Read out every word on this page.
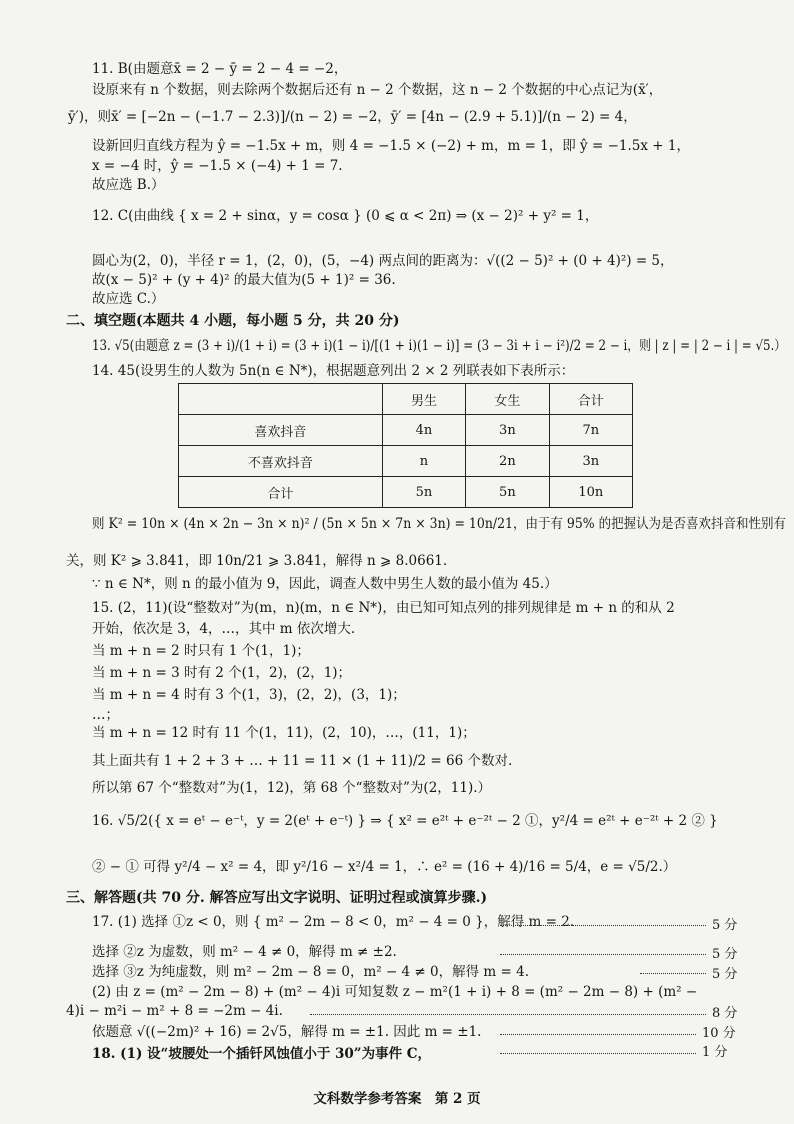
11. B(由题意x̄ = 2 − ȳ = 2 − 4 = −2，
设原来有 n 个数据，则去除两个数据后还有 n − 2 个数据，这 n − 2 个数据的中心点记为(x̄′，
ȳ′)，则x̄′ = [−2n − (−1.7 − 2.3)]/(n − 2) = −2，ȳ′ = [4n − (2.9 + 5.1)]/(n − 2) = 4，
设新回归直线方程为 ŷ = −1.5x + m，则 4 = −1.5 × (−2) + m，m = 1，即 ŷ = −1.5x + 1，
x = −4 时，ŷ = −1.5 × (−4) + 1 = 7.
故应选 B.）
12. C(由曲线 { x = 2 + sinα，y = cosα } (0 ⩽ α < 2π) ⇒ (x − 2)² + y² = 1，
圆心为(2，0)，半径 r = 1，(2，0)，(5，−4) 两点间的距离为：√((2 − 5)² + (0 + 4)²) = 5，
故(x − 5)² + (y + 4)² 的最大值为(5 + 1)² = 36.
故应选 C.）
二、填空题(本题共 4 小题，每小题 5 分，共 20 分)
13. √5(由题意 z = (3 + i)/(1 + i) = (3 + i)(1 − i)/[(1 + i)(1 − i)] = (3 − 3i + i − i²)/2 = 2 − i，则 | z | = | 2 − i | = √5.）
14. 45(设男生的人数为 5n(n ∈ N*)，根据题意列出 2 × 2 列联表如下表所示：
	男生	女生	合计
喜欢抖音	4n	3n	7n
不喜欢抖音	n	2n	3n
合计	5n	5n	10n
则 K² = 10n × (4n × 2n − 3n × n)² / (5n × 5n × 7n × 3n) = 10n/21，由于有 95% 的把握认为是否喜欢抖音和性别有
关，则 K² ⩾ 3.841，即 10n/21 ⩾ 3.841，解得 n ⩾ 8.0661.
∵ n ∈ N*，则 n 的最小值为 9，因此，调查人数中男生人数的最小值为 45.）
15. (2，11)(设“整数对”为(m，n)(m，n ∈ N*)，由已知可知点列的排列规律是 m + n 的和从 2
开始，依次是 3，4，…，其中 m 依次增大.
当 m + n = 2 时只有 1 个(1，1)；
当 m + n = 3 时有 2 个(1，2)，(2，1)；
当 m + n = 4 时有 3 个(1，3)，(2，2)，(3，1)；
…；
当 m + n = 12 时有 11 个(1，11)，(2，10)，…，(11，1)；
其上面共有 1 + 2 + 3 + … + 11 = 11 × (1 + 11)/2 = 66 个数对.
所以第 67 个“整数对”为(1，12)，第 68 个“整数对”为(2，11).）
16. √5/2({ x = eᵗ − e⁻ᵗ，y = 2(eᵗ + e⁻ᵗ) } ⇒ { x² = e²ᵗ + e⁻²ᵗ − 2 ①，y²/4 = e²ᵗ + e⁻²ᵗ + 2 ② }
② − ① 可得 y²/4 − x² = 4，即 y²/16 − x²/4 = 1，∴ e² = (16 + 4)/16 = 5/4，e = √5/2.）
三、解答题(共 70 分. 解答应写出文字说明、证明过程或演算步骤.)
17. (1) 选择 ①z < 0，则 { m² − 2m − 8 < 0，m² − 4 = 0 }，解得 m = 2.
选择 ②z 为虚数，则 m² − 4 ≠ 0，解得 m ≠ ±2.
选择 ③z 为纯虚数，则 m² − 2m − 8 = 0，m² − 4 ≠ 0，解得 m = 4.
(2) 由 z = (m² − 2m − 8) + (m² − 4)i 可知复数 z − m²(1 + i) + 8 = (m² − 2m − 8) + (m² −
4)i − m²i − m² + 8 = −2m − 4i.
依题意 √((−2m)² + 16) = 2√5，解得 m = ±1. 因此 m = ±1.
18. (1) 设“坡腰处一个插钎风蚀值小于 30”为事件 C，
5 分
5 分
5 分
8 分
10 分
1 分
文科数学参考答案　第 2 页
